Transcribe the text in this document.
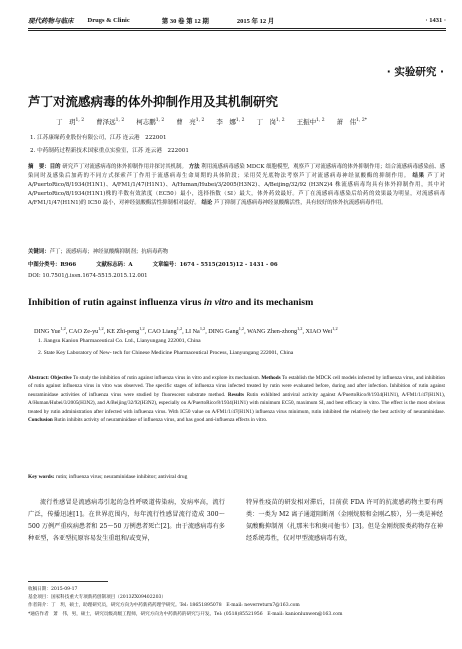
现代药物与临床 Drugs & Clinic	第 30 卷 第 12 期	2015 年 12 月	· 1431 ·
· 实验研究 ·
芦丁对流感病毒的体外抑制作用及其机制研究
丁　玥$^{1, 2}$ 曹泽远$^{1, 2}$ 柯志鹏$^{1, 2}$ 曹　亮$^{1, 2}$ 李　娜$^{1, 2}$ 丁　岗$^{1, 2}$ 王振中$^{1, 2}$ 萧　伟$^{1, 2*}$
1. 江苏康缘药业股份有限公司，江苏 连云港　222001
2. 中药制药过程新技术国家重点实验室，江苏 连云港　222001
摘　要：目的 研究芦丁对流感病毒的体外抑制作用并探讨其机制。 方法 利用流感病毒感染 MDCK 细胞模型，观察芦丁对流感病毒的体外抑制作用；结合流感病毒感染前、感染同时及感染后加药的不同方式探索芦丁作用于流感病毒生命周期的具体阶段；采用荧光底物法考察芦丁对流感病毒神经氨酸酶的抑制作用。 结果 芦丁对 A/PuertoRico/8/1934(H1N1)、A/FM1/1/47(H1N1)、A/Human/Hubei/3/2005(H3N2)、A/Beijing/32/92 (H3N2)4 株流感病毒均具有体外抑制作用，其中对 A/PuertoRico/8/1934(H1N1)株的半数有效浓度（EC50）最小，选择指数（SI）最大，体外药效最好。芦丁在流感病毒感染后给药的效果最为明显，对流感病毒 A/FM1/1/47(H1N1)的 IC50 最小，对神经氨酸酶活性抑制相对最好。 结论 芦丁抑制了流感病毒神经氨酸酶活性，具有较好的体外抗流感病毒作用。
关键词：芦丁；流感病毒；神经氨酸酶抑制剂；抗病毒药物
中图分类号：R966	文献标志码：A	文章编号：1674 - 5515(2015)12 - 1431 - 06
DOI: 10.7501/j.issn.1674-5515.2015.12.001
Inhibition of rutin against influenza virus in vitro and its mechanism
DING Yue$^{1,2}$, CAO Ze-yu$^{1,2}$, KE Zhi-peng$^{1,2}$, CAO Liang$^{1,2}$, LI Na$^{1,2}$, DING Gang$^{1,2}$, WANG Zhen-zhong$^{1,2}$, XIAO Wei$^{1,2}$
1. Jiangsu Kanion Pharmaceutical Co. Ltd., Lianyungang 222001, China
2. State Key Laboratory of New- tech for Chinese Medicine Pharmaceutical Process, Lianyungang 222001, China
Abstract: Objective To study the inhibition of rutin against influenza virus in vitro and explore its mechanism. Methods To establish the MDCK cell models infected by influenza virus, and inhibition of rutin against influenza virus in vitro was observed. The specific stages of influenza virus infected treated by rutin were evaluated before, during and after infection. Inhibition of rutin against neuraminidase activities of influenza virus were studied by fluorescent substrate method. Results Rutin exhibited antiviral activity against A/PuertoRico/8/1934(H1N1), A/FM1/1/47(H1N1), A/Human/Hubei/3/2005(H3N2), and A/Beijing/32/92(H3N2), especially on A/PuertoRico/8/1934(H1N1) with minimum EC50, maximum SI, and best efficacy in vitro. The effect is the most obvious treated by rutin administration after infected with influenza virus. With IC50 value on A/FM1/1/47(H1N1) influenza virus minimum, rutin inhibited the relatively the best activity of neuraminidase. Conclusion Rutin inhibits activity of neuraminidase of influenza virus, and has good anti-influenza effects in vitro.
Key words: rutin; influenza virus; neuraminidase inhibitor; antiviral drug
流行性感冒是流感病毒引起的急性呼吸道传染病，发病率高，流行广泛，传播迅速[1]。在世界范围内，每年流行性感冒流行造成 300～500 万例严重疾病患者和 25～50 万例患者死亡[2]。由于流感病毒有多种亚型，各亚型抗原容易发生重组和/或变异，
特异性疫苗的研发相对滞后，目前获 FDA 许可的抗流感药物主要有两类：一类为 M2 离子通道阻断剂（金刚烷胺和金刚乙胺），另一类是神经氨酸酶抑制剂（扎那米韦和奥司他韦）[3]。但是金刚烷胺类药物存在神经系统毒性，仅对甲型流感病毒有效，
收稿日期：2015-09-17
基金项目：国家科技重大专项新药创制项目（2013ZX09402203）
作者简介：丁　玥，硕士，助理研究员，研究方向为中药新药药理学研究。Tel: 18651895078　E-mail: neverreturn7@163.com
*通信作者　萧　伟，男，硕士，研究员级高级工程师，研究方向为中药新药的研究与开发。Tel: (0518)85521956　E-mail: kanionlunwen@163.com
